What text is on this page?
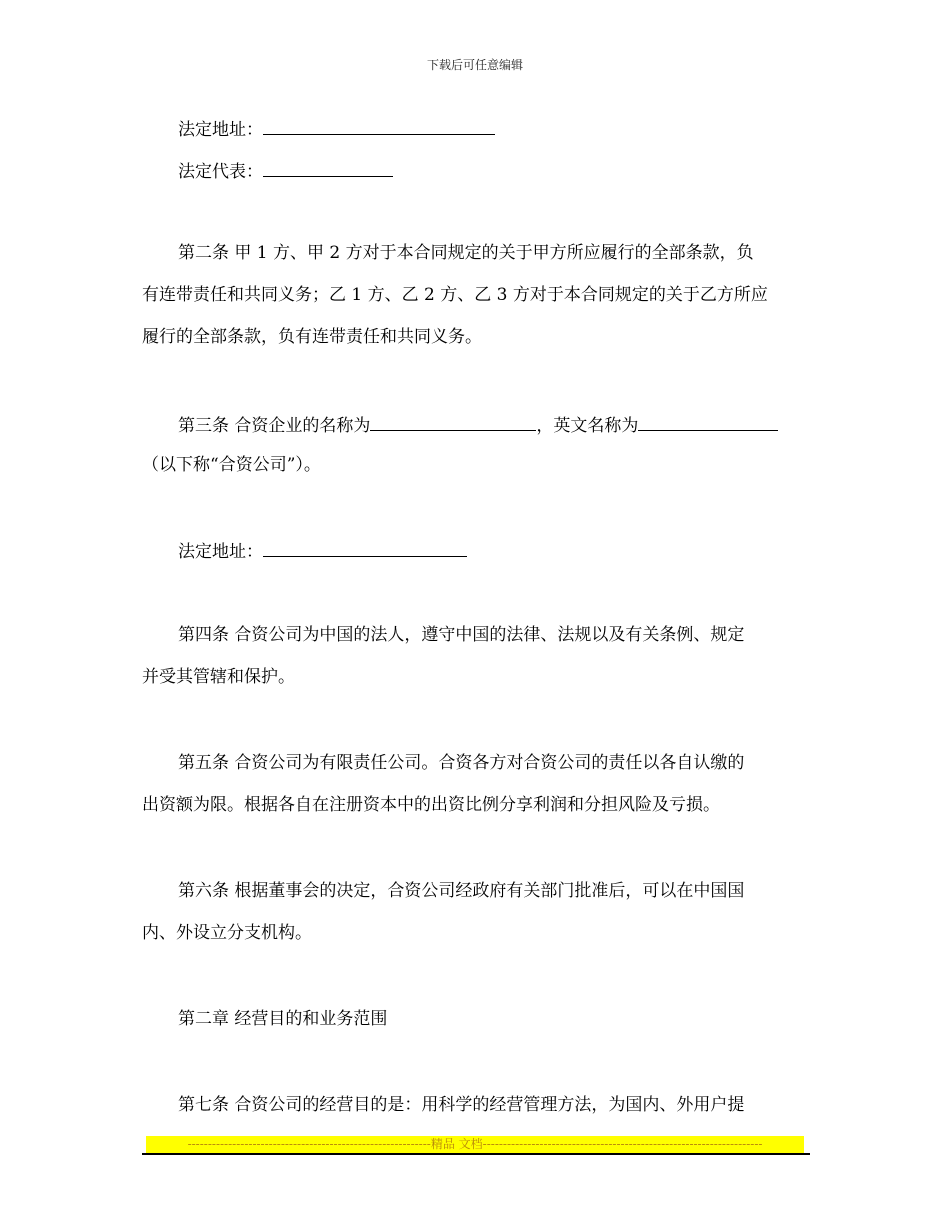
下载后可任意编辑
法定地址：
法定代表：
第二条 甲 1 方、甲 2 方对于本合同规定的关于甲方所应履行的全部条款，负
有连带责任和共同义务；乙 1 方、乙 2 方、乙 3 方对于本合同规定的关于乙方所应
履行的全部条款，负有连带责任和共同义务。
第三条 合资企业的名称为	，英文名称为
（以下称“合资公司”）。
法定地址：
第四条 合资公司为中国的法人，遵守中国的法律、法规以及有关条例、规定
并受其管辖和保护。
第五条 合资公司为有限责任公司。合资各方对合资公司的责任以各自认缴的
出资额为限。根据各自在注册资本中的出资比例分享利润和分担风险及亏损。
第六条 根据董事会的决定，合资公司经政府有关部门批准后，可以在中国国
内、外设立分支机构。
第二章 经营目的和业务范围
第七条 合资公司的经营目的是：用科学的经营管理方法，为国内、外用户提
------------------------------------------------------------精品 文档---------------------------------------------------------------------
